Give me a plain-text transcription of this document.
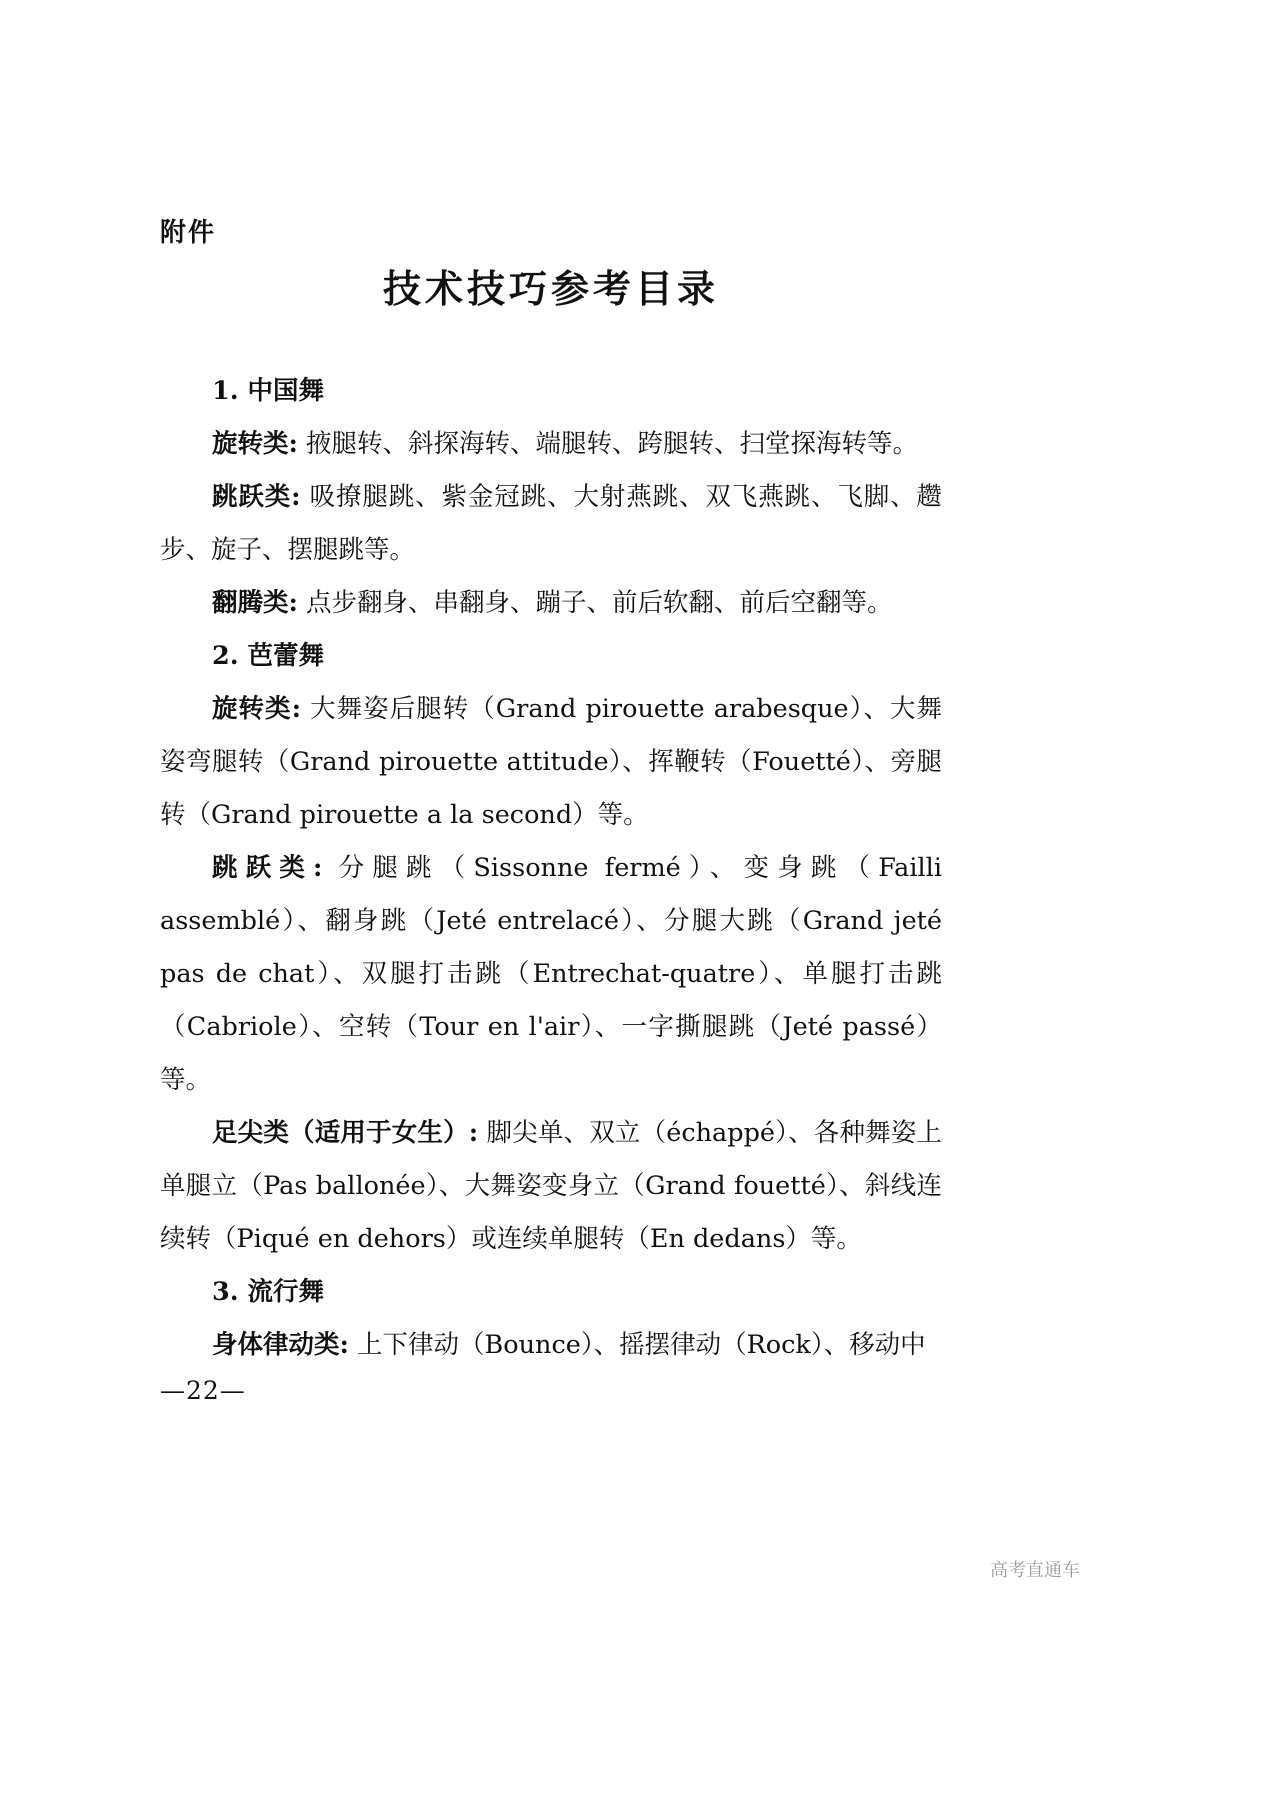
附件
技术技巧参考目录

1. 中国舞

旋转类: 掖腿转、斜探海转、端腿转、跨腿转、扫堂探海转等。

跳跃类: 吸撩腿跳、紫金冠跳、大射燕跳、双飞燕跳、飞脚、趱步、旋子、摆腿跳等。

翻腾类: 点步翻身、串翻身、蹦子、前后软翻、前后空翻等。

2. 芭蕾舞

旋转类: 大舞姿后腿转（Grand pirouette arabesque）、大舞姿弯腿转（Grand pirouette attitude）、挥鞭转（Fouetté）、旁腿转（Grand pirouette a la second）等。

跳跃类: 分腿跳（Sissonne fermé）、变身跳（Failli assemblé）、翻身跳（Jeté entrelacé）、分腿大跳（Grand jeté pas de chat）、双腿打击跳（Entrechat-quatre）、单腿打击跳（Cabriole）、空转（Tour en l'air）、一字撕腿跳（Jeté passé）等。

足尖类（适用于女生）: 脚尖单、双立（échappé）、各种舞姿上单腿立（Pas ballonée）、大舞姿变身立（Grand fouetté）、斜线连续转（Piqué en dehors）或连续单腿转（En dedans）等。

3. 流行舞

身体律动类: 上下律动（Bounce）、摇摆律动（Rock）、移动中

—22—
高考直通车
